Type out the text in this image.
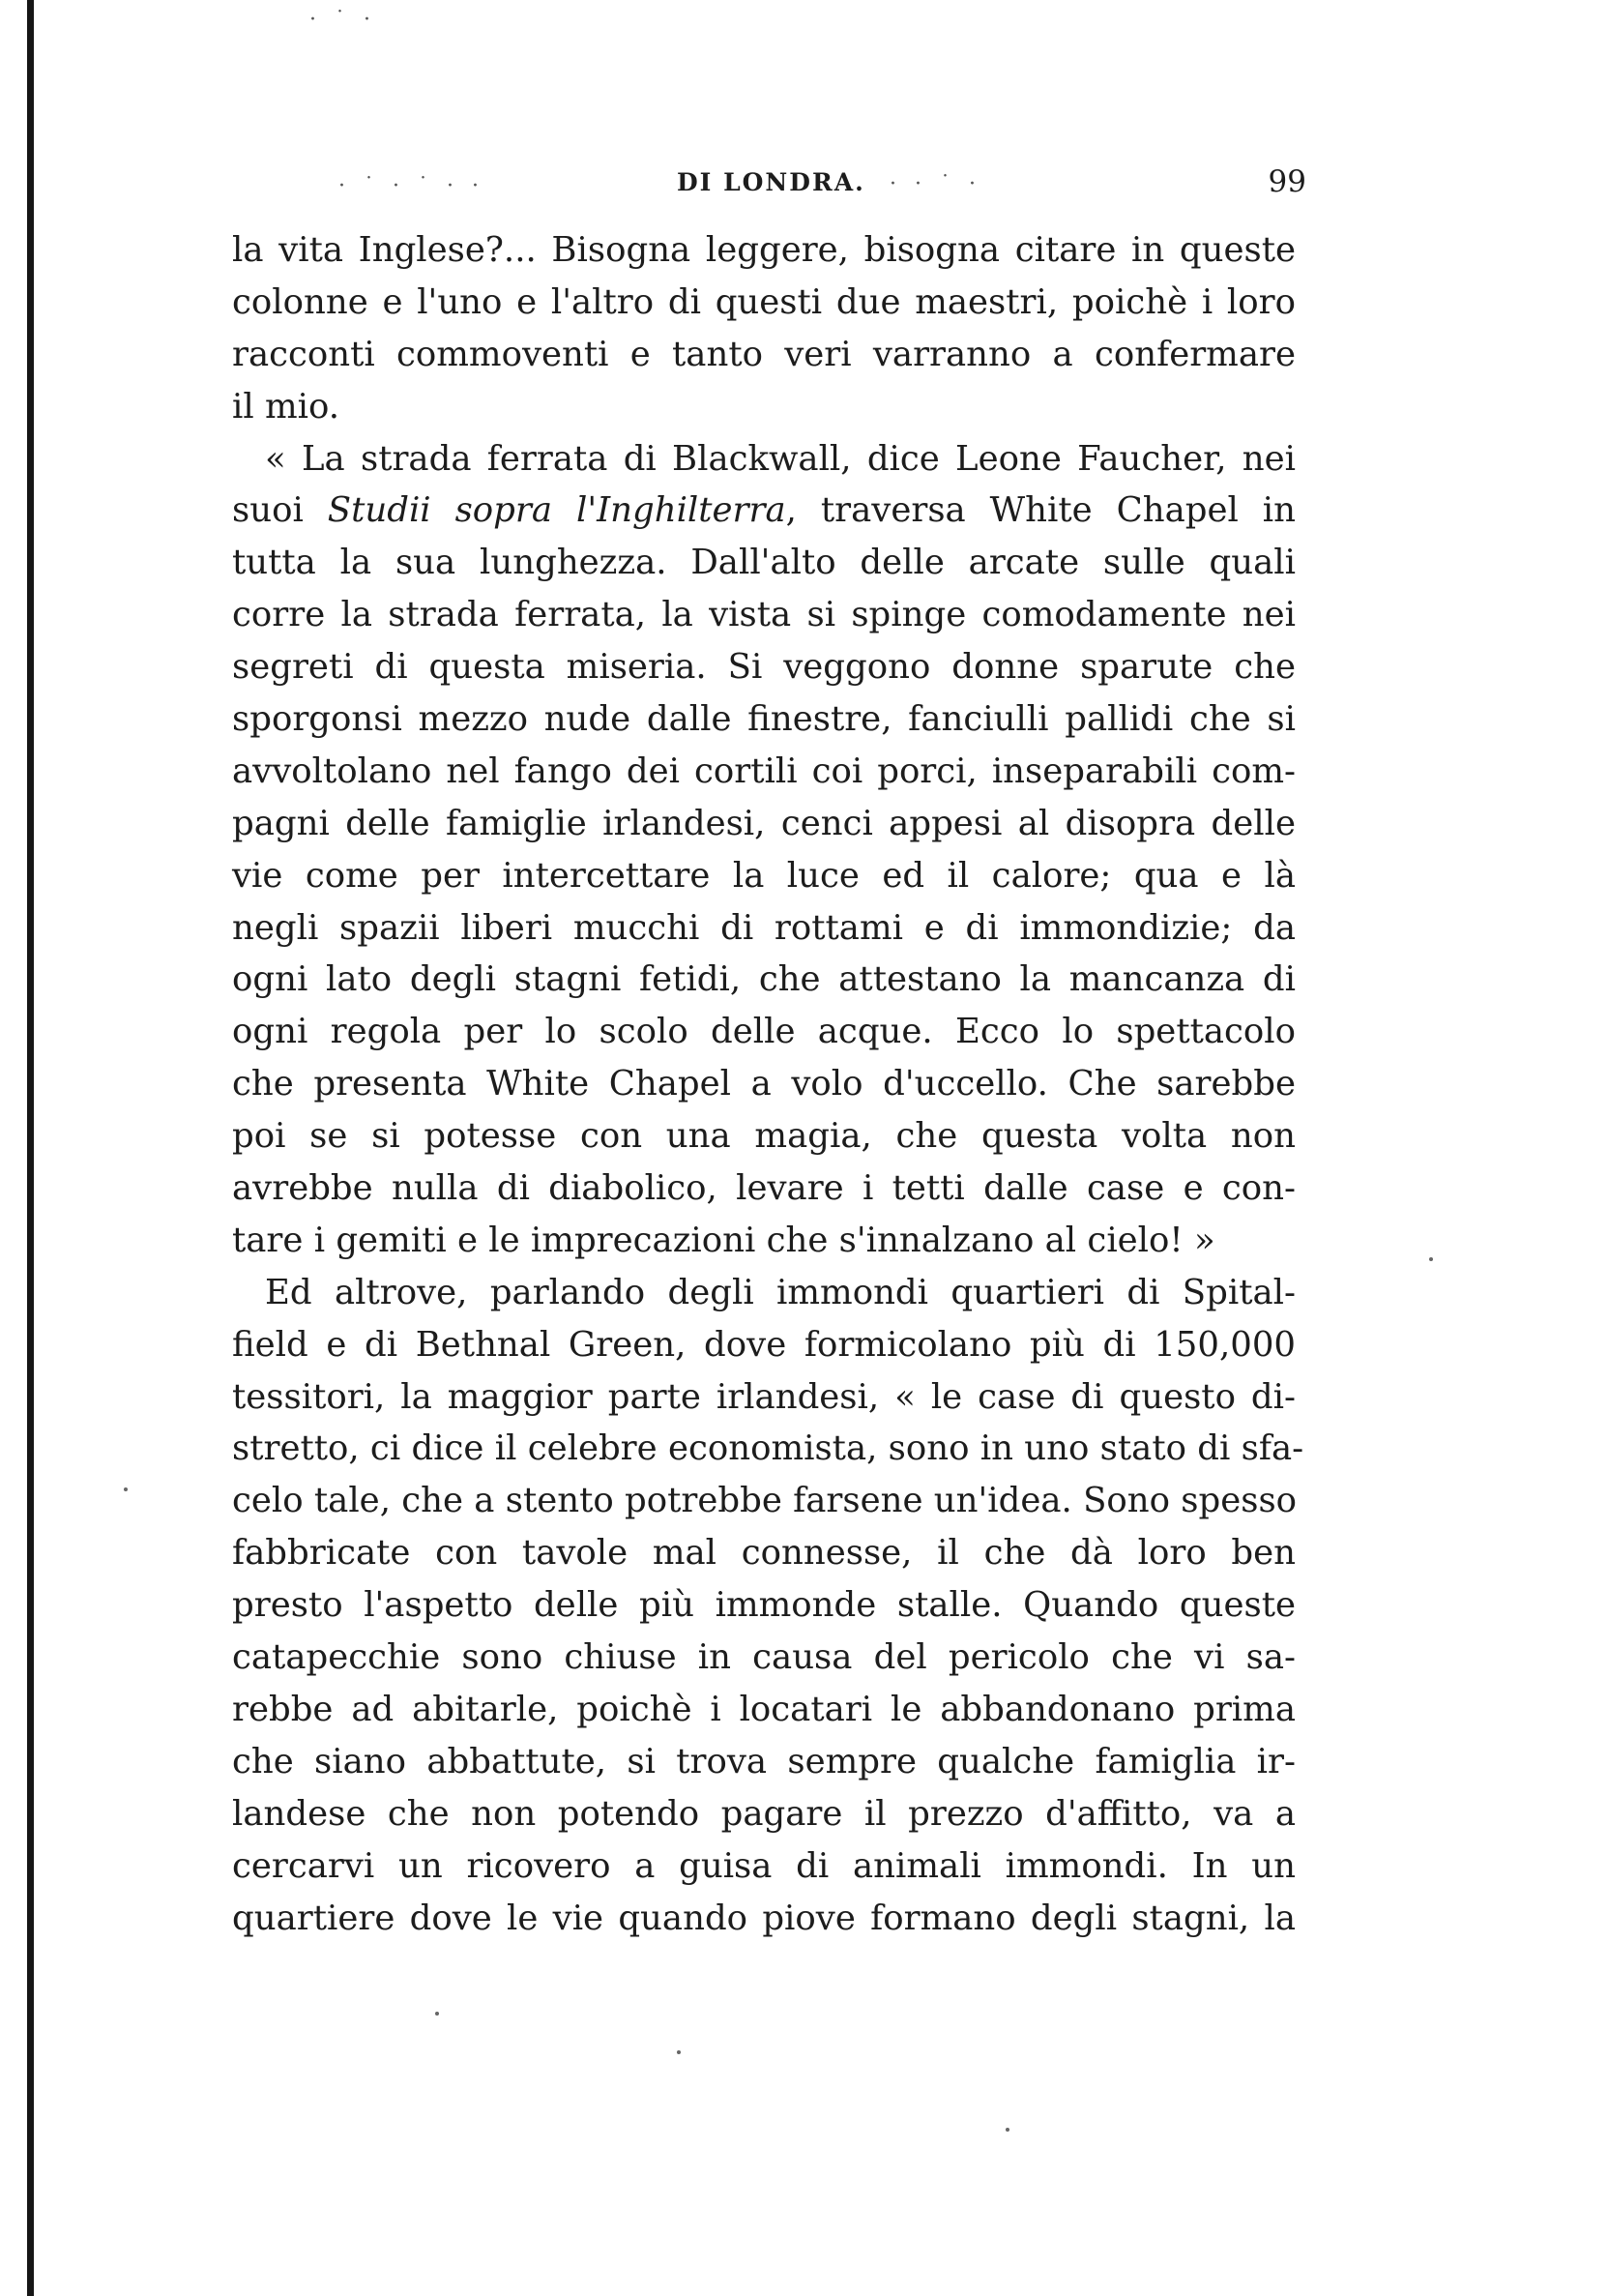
· ˙ ·
· ˙ · ˙ · ·	· · ˙ ·
DI LONDRA.	99
la vita Inglese?... Bisogna leggere, bisogna citare in queste
colonne e l'uno e l'altro di questi due maestri, poichè i loro
racconti commoventi e tanto veri varranno a confermare
il mio.
« La strada ferrata di Blackwall, dice Leone Faucher, nei
suoi Studii sopra l'Inghilterra, traversa White Chapel in
tutta la sua lunghezza. Dall'alto delle arcate sulle quali
corre la strada ferrata, la vista si spinge comodamente nei
segreti di questa miseria. Si veggono donne sparute che
sporgonsi mezzo nude dalle finestre, fanciulli pallidi che si
avvoltolano nel fango dei cortili coi porci, inseparabili com-
pagni delle famiglie irlandesi, cenci appesi al disopra delle
vie come per intercettare la luce ed il calore; qua e là
negli spazii liberi mucchi di rottami e di immondizie; da
ogni lato degli stagni fetidi, che attestano la mancanza di
ogni regola per lo scolo delle acque. Ecco lo spettacolo
che presenta White Chapel a volo d'uccello. Che sarebbe
poi se si potesse con una magia, che questa volta non
avrebbe nulla di diabolico, levare i tetti dalle case e con-
tare i gemiti e le imprecazioni che s'innalzano al cielo! »
Ed altrove, parlando degli immondi quartieri di Spital-
field e di Bethnal Green, dove formicolano più di 150,000
tessitori, la maggior parte irlandesi, « le case di questo di-
stretto, ci dice il celebre economista, sono in uno stato di sfa-
celo tale, che a stento potrebbe farsene un'idea. Sono spesso
fabbricate con tavole mal connesse, il che dà loro ben
presto l'aspetto delle più immonde stalle. Quando queste
catapecchie sono chiuse in causa del pericolo che vi sa-
rebbe ad abitarle, poichè i locatari le abbandonano prima
che siano abbattute, si trova sempre qualche famiglia ir-
landese che non potendo pagare il prezzo d'affitto, va a
cercarvi un ricovero a guisa di animali immondi. In un
quartiere dove le vie quando piove formano degli stagni, la
